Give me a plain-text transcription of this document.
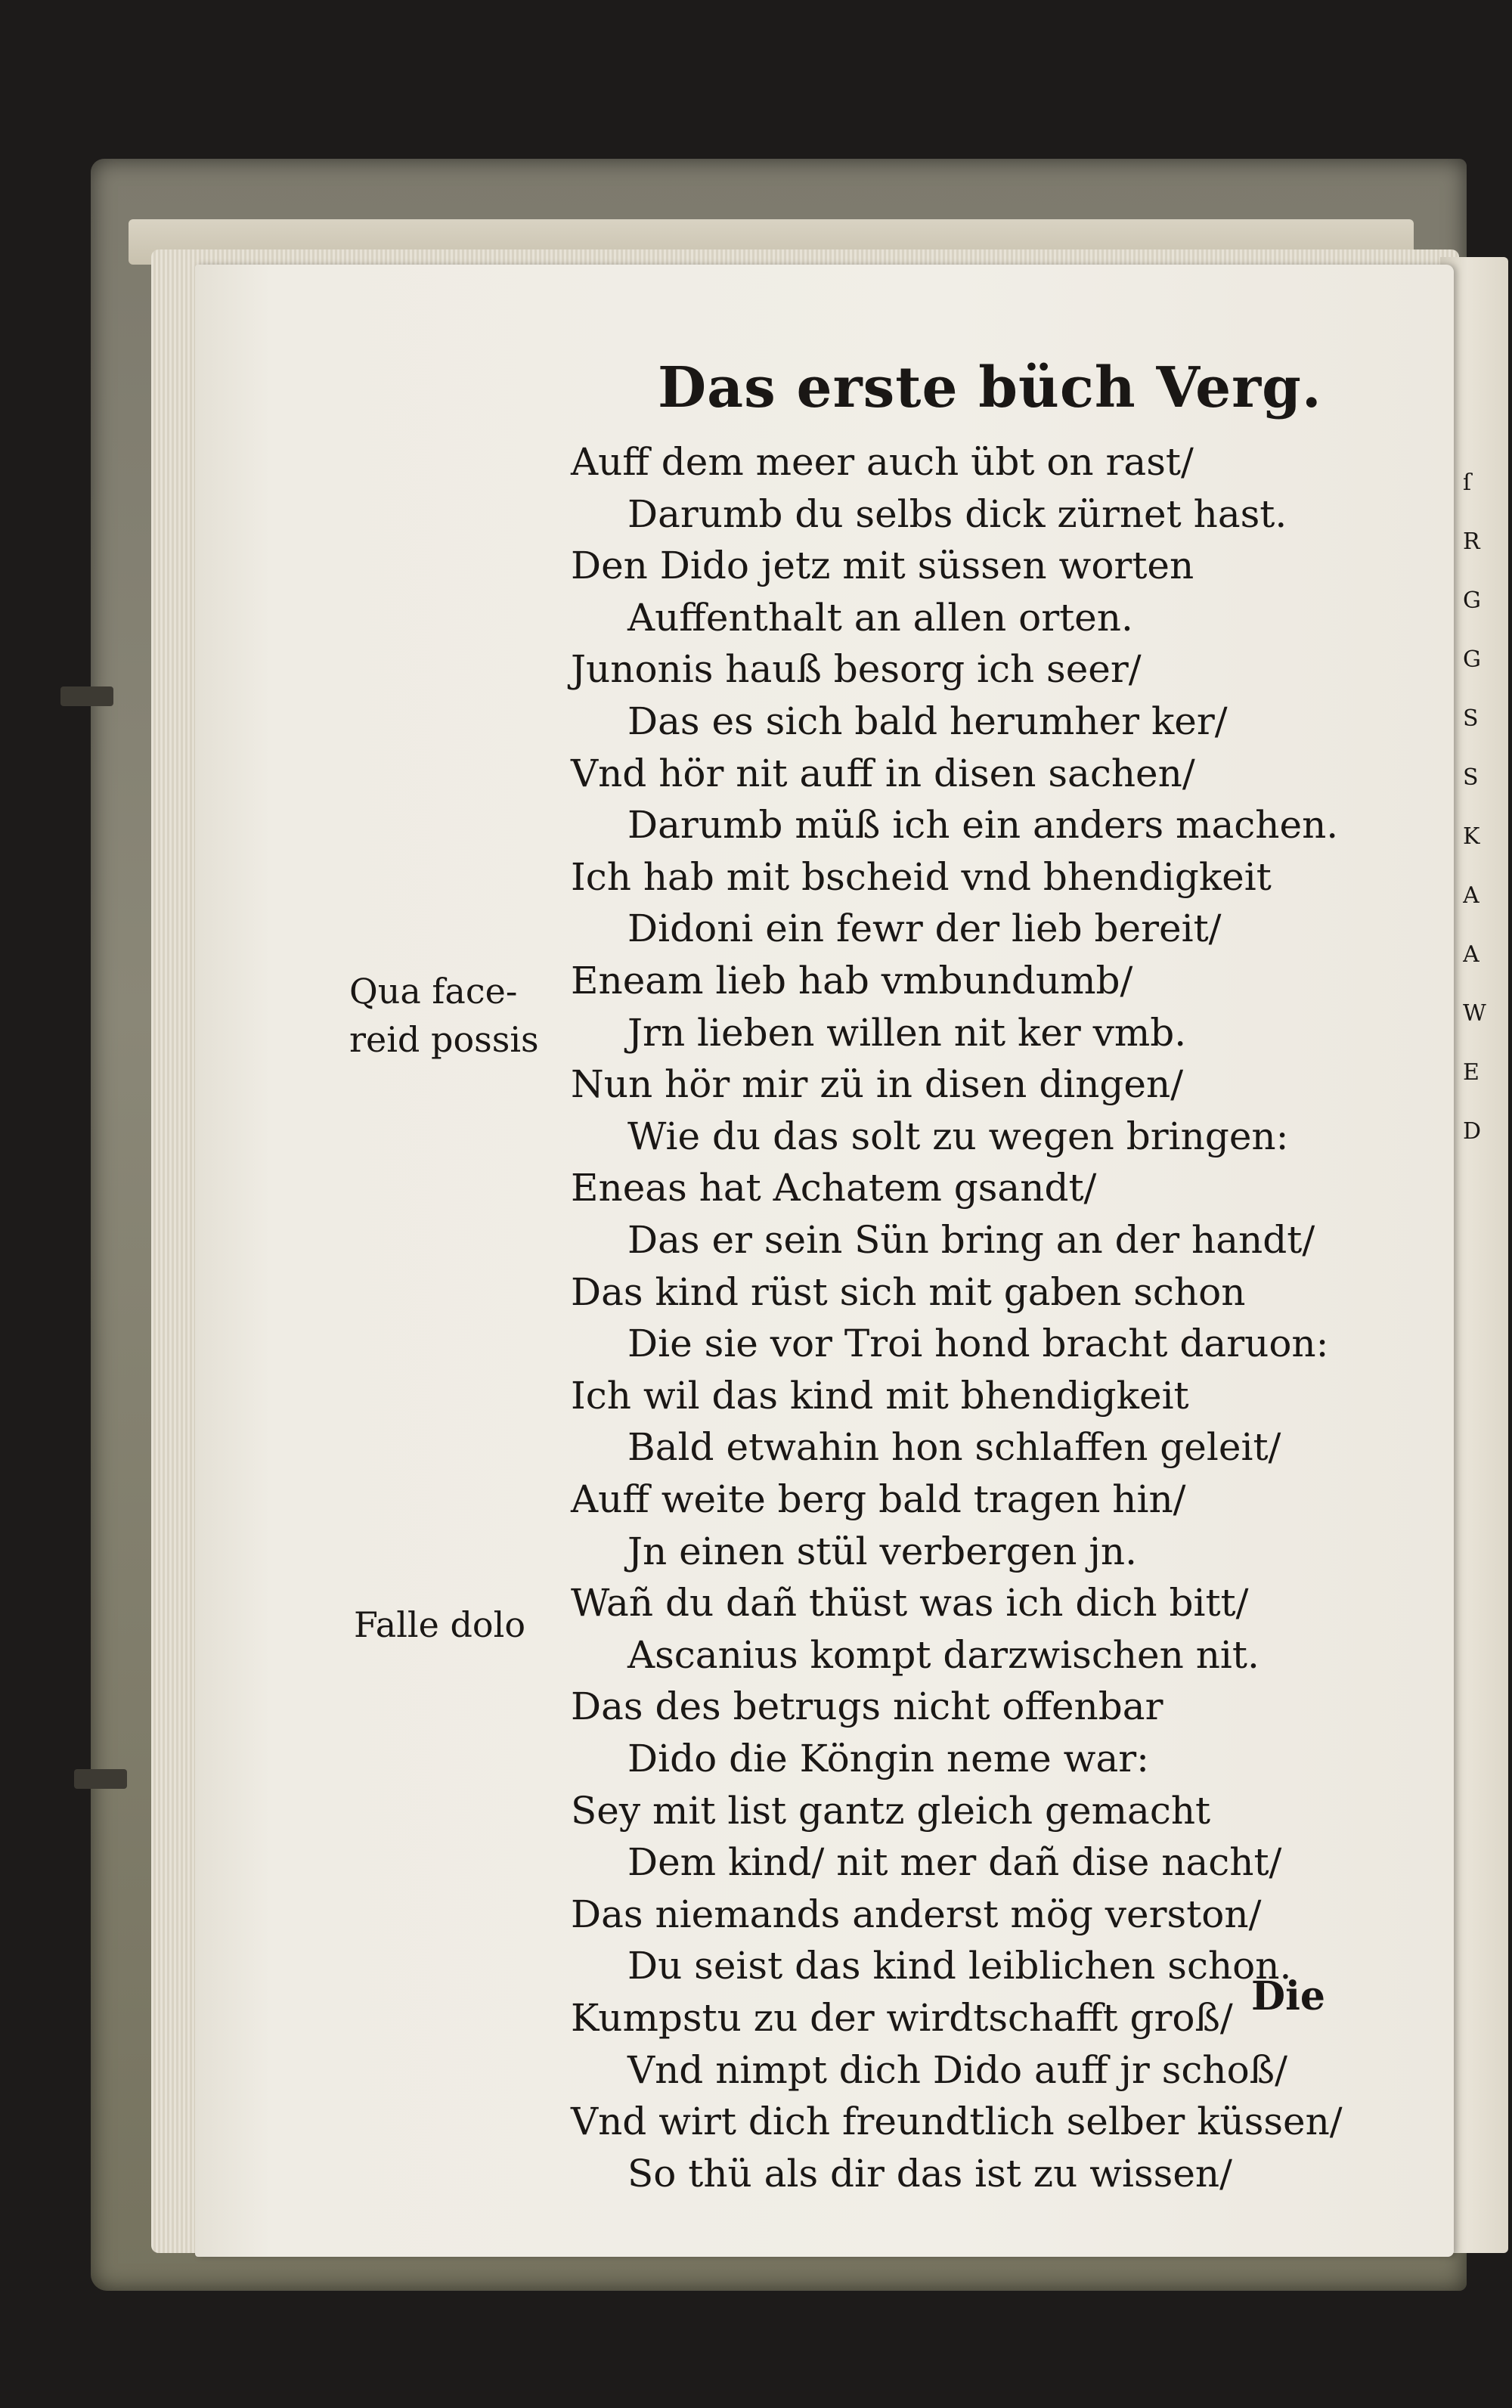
ſ
R
G
G
S
S
K
A
A
W
E
D
Das erste büch Verg.
Auff dem meer auch übt on rast/
Darumb du selbs dick zürnet hast.
Den Dido jetz mit süssen worten
Auffenthalt an allen orten.
Junonis hauß besorg ich seer/
Das es sich bald herumher ker/
Vnd hör nit auff in disen sachen/
Darumb müß ich ein anders machen.
Ich hab mit bscheid vnd bhendigkeit
Didoni ein fewr der lieb bereit/
Eneam lieb hab vmbundumb/
Jrn lieben willen nit ker vmb.
Nun hör mir zü in disen dingen/
Wie du das solt zu wegen bringen:
Eneas hat Achatem gsandt/
Das er sein Sün bring an der handt/
Das kind rüst sich mit gaben schon
Die sie vor Troi hond bracht daruon:
Ich wil das kind mit bhendigkeit
Bald etwahin hon schlaffen geleit/
Auff weite berg bald tragen hin/
Jn einen stül verbergen jn.
Wañ du dañ thüst was ich dich bitt/
Ascanius kompt darzwischen nit.
Das des betrugs nicht offenbar
Dido die Köngin neme war:
Sey mit list gantz gleich gemacht
Dem kind/ nit mer dañ dise nacht/
Das niemands anderst mög verston/
Du seist das kind leiblichen schon.
Kumpstu zu der wirdtschafft groß/
Vnd nimpt dich Dido auff jr schoß/
Vnd wirt dich freundtlich selber küssen/
So thü als dir das ist zu wissen/
Qua face-
reid possis
Falle dolo
Die
